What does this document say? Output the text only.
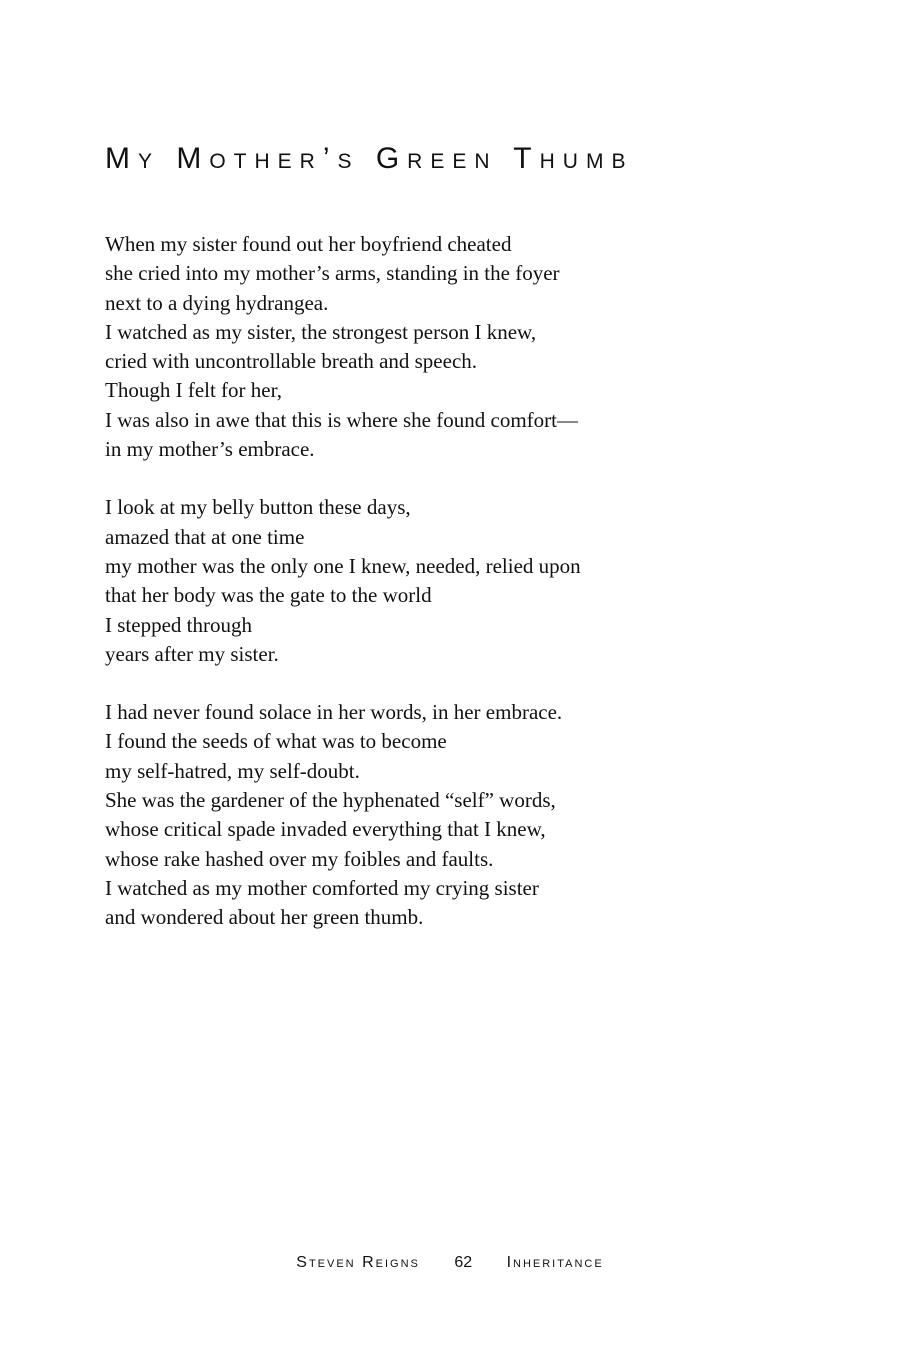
My Mother’s Green Thumb
When my sister found out her boyfriend cheated
she cried into my mother’s arms, standing in the foyer
next to a dying hydrangea.
I watched as my sister, the strongest person I knew,
cried with uncontrollable breath and speech.
Though I felt for her,
I was also in awe that this is where she found comfort—
in my mother’s embrace.
I look at my belly button these days,
amazed that at one time
my mother was the only one I knew, needed, relied upon
that her body was the gate to the world
I stepped through
years after my sister.
I had never found solace in her words, in her embrace.
I found the seeds of what was to become
my self-hatred, my self-doubt.
She was the gardener of the hyphenated “self” words,
whose critical spade invaded everything that I knew,
whose rake hashed over my foibles and faults.
I watched as my mother comforted my crying sister
and wondered about her green thumb.
Steven Reigns 62 Inheritance
